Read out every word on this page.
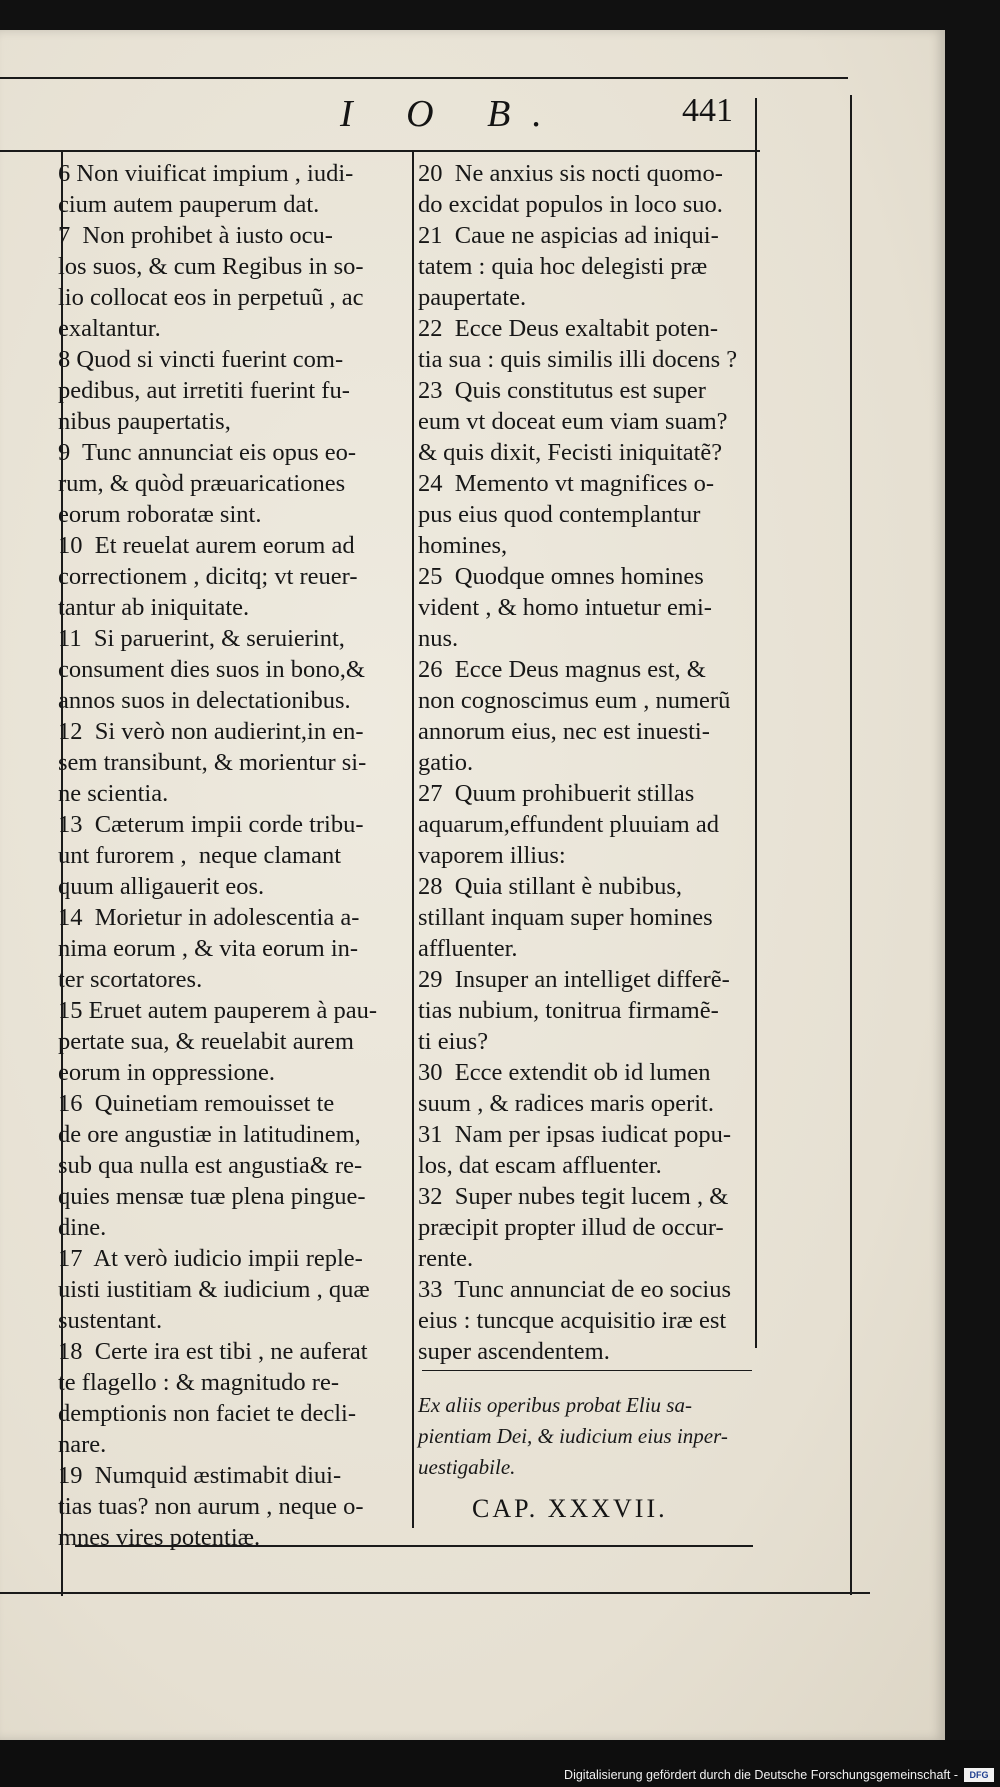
I O B.	441
6 Non viuificat impium , iudi-
cium autem pauperum dat.
7  Non prohibet à iusto ocu-
los suos, & cum Regibus in so-
lio collocat eos in perpetuũ , ac
exaltantur.
8 Quod si vincti fuerint com-
pedibus, aut irretiti fuerint fu-
nibus paupertatis,
9  Tunc annunciat eis opus eo-
rum, & quòd præuaricationes
eorum roboratæ sint.
10  Et reuelat aurem eorum ad
correctionem , dicitq; vt reuer-
tantur ab iniquitate.
11  Si paruerint, & seruierint,
consument dies suos in bono,&
annos suos in delectationibus.
12  Si verò non audierint,in en-
sem transibunt, & morientur si-
ne scientia.
13  Cæterum impii corde tribu-
unt furorem ,  neque clamant
quum alligauerit eos.
14  Morietur in adolescentia a-
nima eorum , & vita eorum in-
ter scortatores.
15 Eruet autem pauperem à pau-
pertate sua, & reuelabit aurem
eorum in oppressione.
16  Quinetiam remouisset te
de ore angustiæ in latitudinem,
sub qua nulla est angustia& re-
quies mensæ tuæ plena pingue-
dine.
17  At verò iudicio impii reple-
uisti iustitiam & iudicium , quæ
sustentant.
18  Certe ira est tibi , ne auferat
te flagello : & magnitudo re-
demptionis non faciet te decli-
nare.
19  Numquid æstimabit diui-
tias tuas? non aurum , neque o-
mnes vires potentiæ.
20  Ne anxius sis nocti quomo-
do excidat populos in loco suo.
21  Caue ne aspicias ad iniqui-
tatem : quia hoc delegisti præ
paupertate.
22  Ecce Deus exaltabit poten-
tia sua : quis similis illi docens ?
23  Quis constitutus est super
eum vt doceat eum viam suam?
& quis dixit, Fecisti iniquitatẽ?
24  Memento vt magnifices o-
pus eius quod contemplantur
homines,
25  Quodque omnes homines
vident , & homo intuetur emi-
nus.
26  Ecce Deus magnus est, &
non cognoscimus eum , numerũ
annorum eius, nec est inuesti-
gatio.
27  Quum prohibuerit stillas
aquarum,effundent pluuiam ad
vaporem illius:
28  Quia stillant è nubibus,
stillant inquam super homines
affluenter.
29  Insuper an intelliget differẽ-
tias nubium, tonitrua firmamẽ-
ti eius?
30  Ecce extendit ob id lumen
suum , & radices maris operit.
31  Nam per ipsas iudicat popu-
los, dat escam affluenter.
32  Super nubes tegit lucem , &
præcipit propter illud de occur-
rente.
33  Tunc annunciat de eo socius
eius : tuncque acquisitio iræ est
super ascendentem.
Ex aliis operibus probat Eliu sa-
pientiam Dei, & iudicium eius inper-
uestigabile.
CAP. XXXVII.
Digitalisierung gefördert durch die Deutsche Forschungsgemeinschaft -	DFG
